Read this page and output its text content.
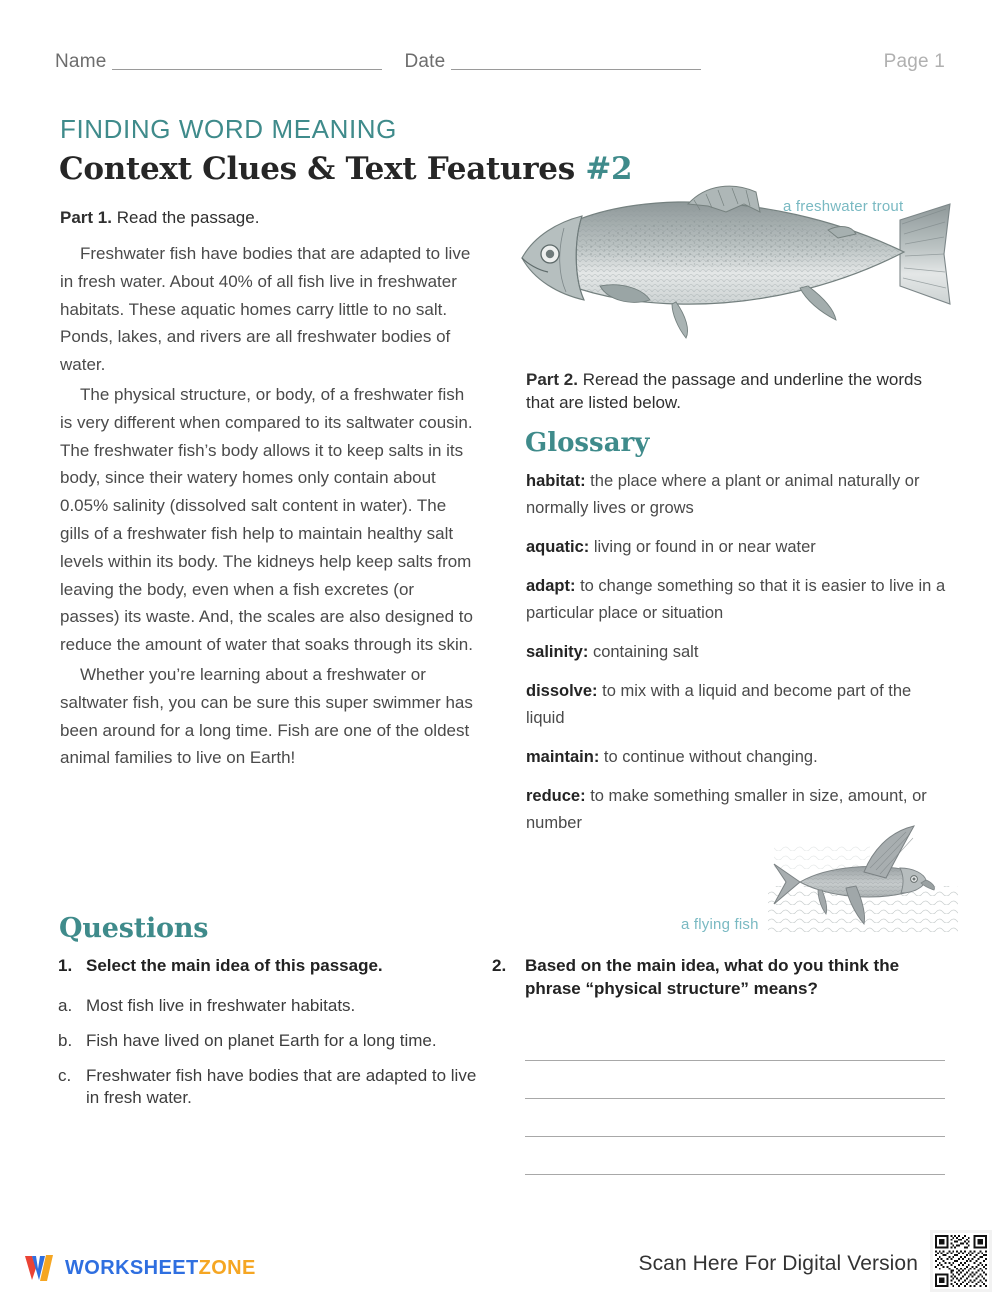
Name	Date	Page 1
FINDING WORD MEANING
Context Clues & Text Features #2
Part 1. Read the passage.

Freshwater fish have bodies that are adapted to live in fresh water. About 40% of all fish live in freshwater habitats. These aquatic homes carry little to no salt. Ponds, lakes, and rivers are all freshwater bodies of water.

The physical structure, or body, of a freshwater fish is very different when compared to its saltwater cousin. The freshwater fish’s body allows it to keep salts in its body, since their watery homes only contain about 0.05% salinity (dissolved salt content in water). The gills of a freshwater fish help to maintain healthy salt levels within its body. The kidneys help keep salts from leaving the body, even when a fish excretes (or passes) its waste. And, the scales are also designed to reduce the amount of water that soaks through its skin.

Whether you’re learning about a freshwater or saltwater fish, you can be sure this super swimmer has been around for a long time. Fish are one of the oldest animal families to live on Earth!

Questions
1. Select the main idea of this passage.
a. Most fish live in freshwater habitats.
b. Fish have lived on planet Earth for a long time.
c. Freshwater fish have bodies that are adapted to live in fresh water.
a freshwater trout
Part 2. Reread the passage and underline the words that are listed below.
Glossary
habitat: the place where a plant or animal naturally or normally lives or grows
aquatic: living or found in or near water
adapt: to change something so that it is easier to live in a particular place or situation
salinity: containing salt
dissolve: to mix with a liquid and become part of the liquid
maintain: to continue without changing.
reduce: to make something smaller in size, amount, or number
a flying fish
2.	Based on the main idea, what do you think the phrase “physical structure” means?
WORKSHEETZONE	Scan Here For Digital Version
